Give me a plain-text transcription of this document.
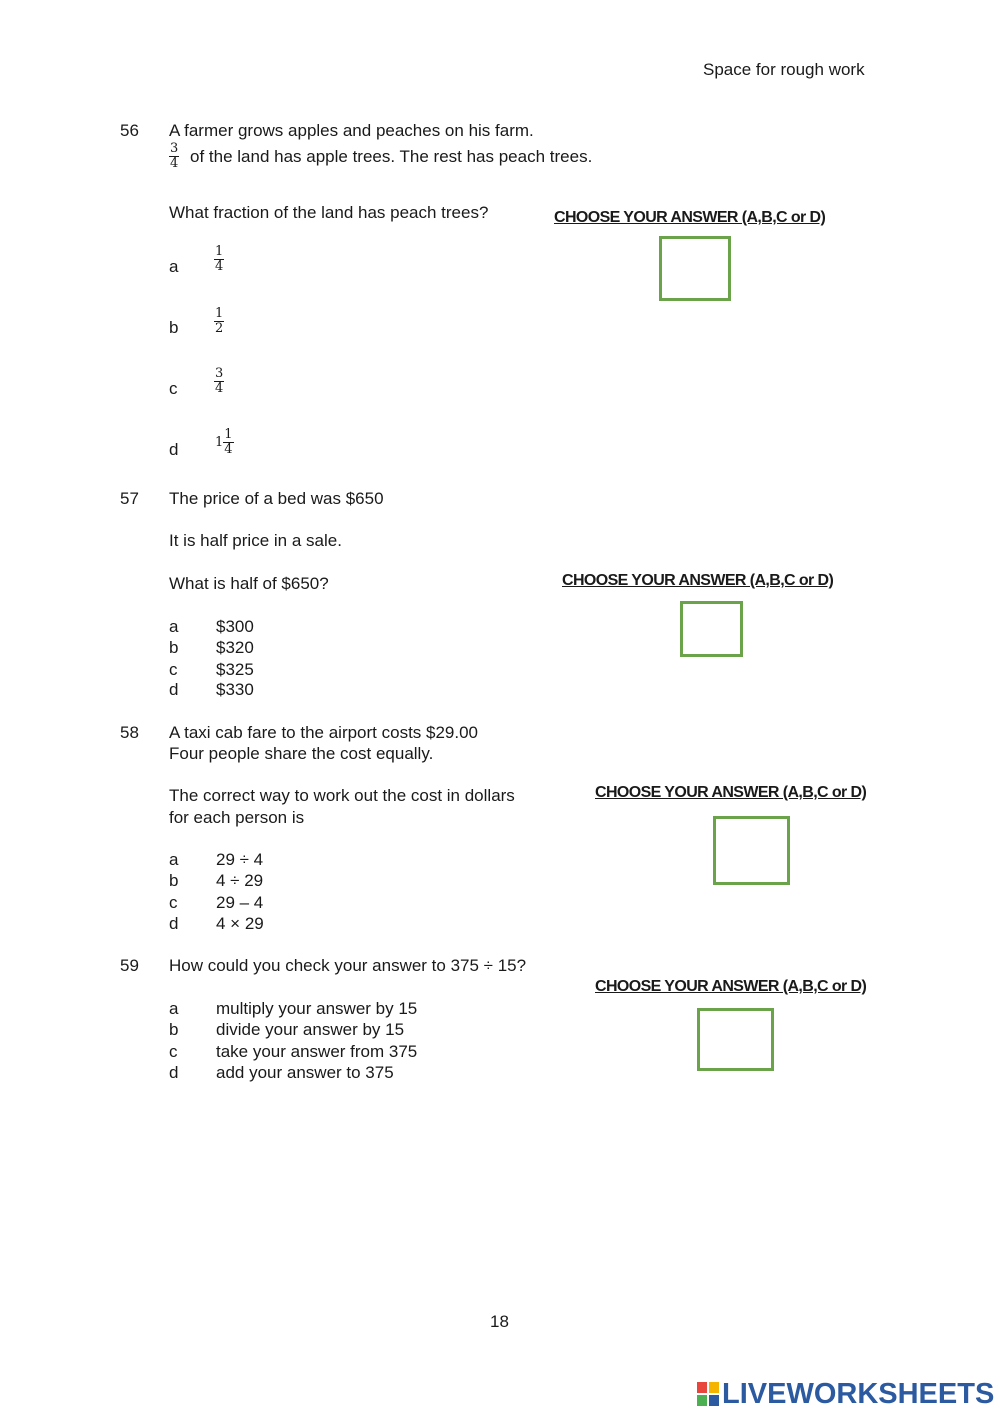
Space for rough work
56 A farmer grows apples and peaches on his farm.
$\frac{3}{4}$ of the land has apple trees. The rest has peach trees.
What fraction of the land has peach trees?	CHOOSE YOUR ANSWER (A,B,C or D)
a	$\frac{1}{4}$
b	$\frac{1}{2}$
c	$\frac{3}{4}$
d	$1 \frac{1}{4}$
57 The price of a bed was $650
It is half price in a sale.
What is half of $650?	CHOOSE YOUR ANSWER (A,B,C or D)
a $300
b $320
c $325
d $330
58 A taxi cab fare to the airport costs $29.00
Four people share the cost equally.
The correct way to work out the cost in dollars
for each person is
CHOOSE YOUR ANSWER (A,B,C or D)
a 29 ÷ 4
b 4 ÷ 29
c 29 – 4
d 4 × 29
59 How could you check your answer to 375 ÷ 15?
CHOOSE YOUR ANSWER (A,B,C or D)
a multiply your answer by 15
b divide your answer by 15
c take your answer from 375
d add your answer to 375
18
LIVEWORKSHEETS
